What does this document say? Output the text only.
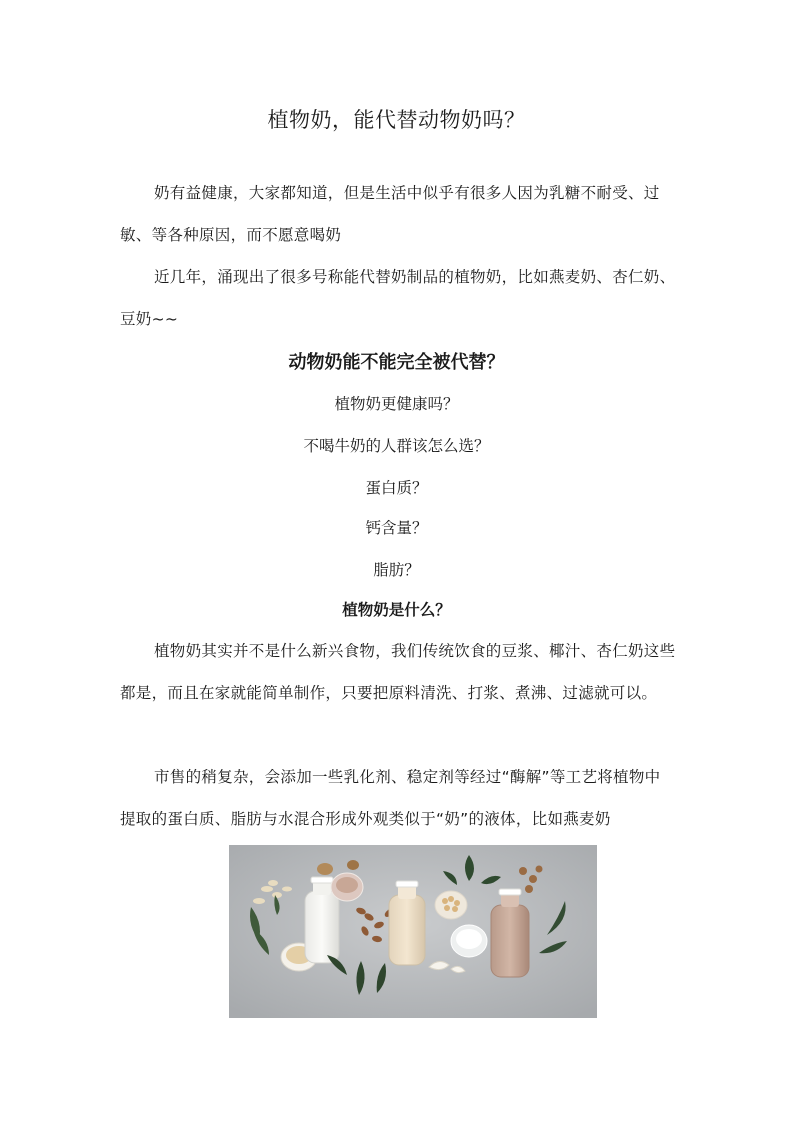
植物奶，能代替动物奶吗？

奶有益健康，大家都知道，但是生活中似乎有很多人因为乳糖不耐受、过敏、等各种原因，而不愿意喝奶

近几年，涌现出了很多号称能代替奶制品的植物奶，比如燕麦奶、杏仁奶、豆奶~~

动物奶能不能完全被代替？
植物奶更健康吗？
不喝牛奶的人群该怎么选？
蛋白质？
钙含量？
脂肪？
植物奶是什么？

植物奶其实并不是什么新兴食物，我们传统饮食的豆浆、椰汁、杏仁奶这些都是，而且在家就能简单制作，只要把原料清洗、打浆、煮沸、过滤就可以。

市售的稍复杂，会添加一些乳化剂、稳定剂等经过“酶解”等工艺将植物中提取的蛋白质、脂肪与水混合形成外观类似于“奶”的液体，比如燕麦奶
